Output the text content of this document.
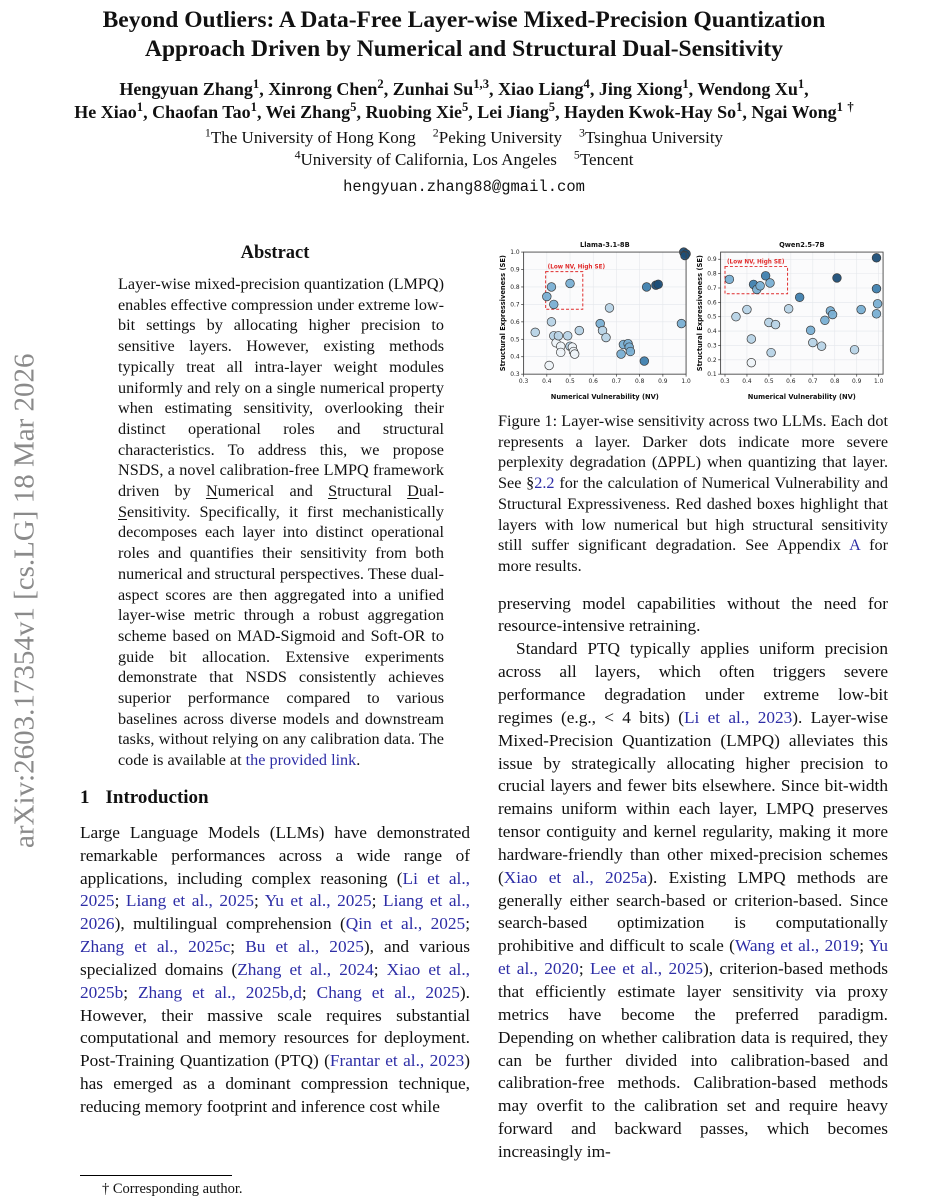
arXiv:2603.17354v1 [cs.LG] 18 Mar 2026
Beyond Outliers: A Data-Free Layer-wise Mixed-Precision Quantization
Approach Driven by Numerical and Structural Dual-Sensitivity
Hengyuan Zhang$^1$, Xinrong Chen$^2$, Zunhai Su$^{1,3}$, Xiao Liang$^4$, Jing Xiong$^1$, Wendong Xu$^1$,
He Xiao$^1$, Chaofan Tao$^1$, Wei Zhang$^5$, Ruobing Xie$^5$, Lei Jiang$^5$, Hayden Kwok-Hay So$^1$, Ngai Wong$^1$ †
$^1$The University of Hong Kong  $^2$Peking University  $^3$Tsinghua University
$^4$University of California, Los Angeles  $^5$Tencent
hengyuan.zhang88@gmail.com
Abstract
Layer-wise mixed-precision quantization (LMPQ) enables effective compression under extreme low-bit settings by allocating higher precision to sensitive layers. However, existing methods typically treat all intra-layer weight modules uniformly and rely on a single numerical property when estimating sensitivity, overlooking their distinct operational roles and structural characteristics. To address this, we propose NSDS, a novel calibration-free LMPQ framework driven by Numerical and Structural Dual-Sensitivity. Specifically, it first mechanistically decomposes each layer into distinct operational roles and quantifies their sensitivity from both numerical and structural perspectives. These dual-aspect scores are then aggregated into a unified layer-wise metric through a robust aggregation scheme based on MAD-Sigmoid and Soft-OR to guide bit allocation. Extensive experiments demonstrate that NSDS consistently achieves superior performance compared to various baselines across diverse models and downstream tasks, without relying on any calibration data. The code is available at the provided link.
1 Introduction

Large Language Models (LLMs) have demonstrated remarkable performances across a wide range of applications, including complex reasoning (Li et al., 2025; Liang et al., 2025; Yu et al., 2025; Liang et al., 2026), multilingual comprehension (Qin et al., 2025; Zhang et al., 2025c; Bu et al., 2025), and various specialized domains (Zhang et al., 2024; Xiao et al., 2025b; Zhang et al., 2025b,d; Chang et al., 2025). However, their massive scale requires substantial computational and memory resources for deployment. Post-Training Quantization (PTQ) (Frantar et al., 2023) has emerged as a dominant compression technique, reducing memory footprint and inference cost while

† Corresponding author.
0.3 0.4 0.5 0.6 0.7 0.8 0.9 1.0
0.3
0.4
0.5
0.6
0.7
0.8
0.9
1.0
(Low NV, High SE)
Llama-3.1-8B
Numerical Vulnerability (NV)
Structural Expressiveness (SE)
0.3 0.4 0.5 0.6 0.7 0.8 0.9 1.0
0.1
0.2
0.3
0.4
0.5
0.6
0.7
0.8
0.9 (Low NV, High SE)
Qwen2.5-7B
Numerical Vulnerability (NV)
Structural Expressiveness (SE)
Figure 1: Layer-wise sensitivity across two LLMs. Each dot represents a layer. Darker dots indicate more severe perplexity degradation (ΔPPL) when quantizing that layer. See §2.2 for the calculation of Numerical Vulnerability and Structural Expressiveness. Red dashed boxes highlight that layers with low numerical but high structural sensitivity still suffer significant degradation. See Appendix A for more results.

preserving model capabilities without the need for resource-intensive retraining.

Standard PTQ typically applies uniform precision across all layers, which often triggers severe performance degradation under extreme low-bit regimes (e.g., < 4 bits) (Li et al., 2023). Layer-wise Mixed-Precision Quantization (LMPQ) alleviates this issue by strategically allocating higher precision to crucial layers and fewer bits elsewhere. Since bit-width remains uniform within each layer, LMPQ preserves tensor contiguity and kernel regularity, making it more hardware-friendly than other mixed-precision schemes (Xiao et al., 2025a). Existing LMPQ methods are generally either search-based or criterion-based. Since search-based optimization is computationally prohibitive and difficult to scale (Wang et al., 2019; Yu et al., 2020; Lee et al., 2025), criterion-based methods that efficiently estimate layer sensitivity via proxy metrics have become the preferred paradigm. Depending on whether calibration data is required, they can be further divided into calibration-based and calibration-free methods. Calibration-based methods may overfit to the calibration set and require heavy forward and backward passes, which becomes increasingly im-
